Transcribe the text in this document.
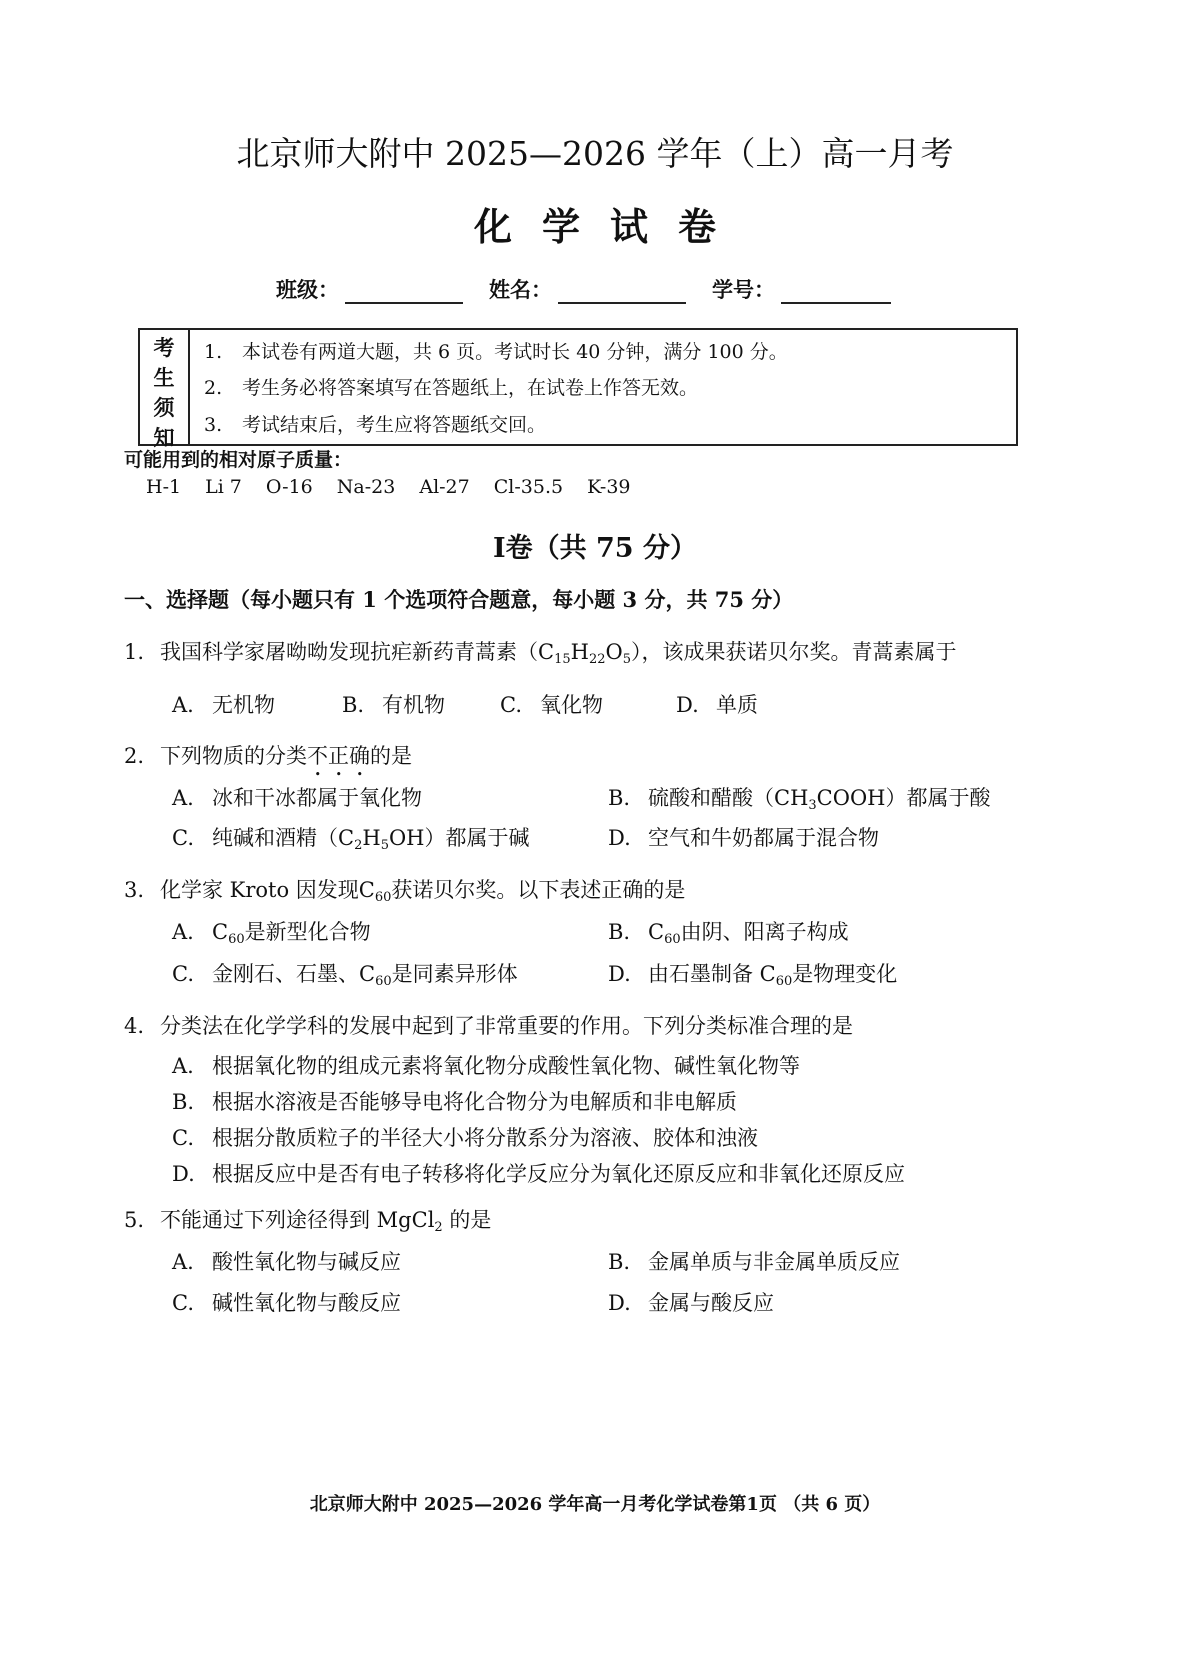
北京师大附中 2025—2026 学年（上）高一月考
化学试卷
班级：	姓名：	学号：
考
生
须
知
1. 本试卷有两道大题，共 6 页。考试时长 40 分钟，满分 100 分。
2. 考生务必将答案填写在答题纸上，在试卷上作答无效。
3. 考试结束后，考生应将答题纸交回。
可能用到的相对原子质量：
H-1 Li 7 O-16 Na-23 Al-27 Cl-35.5 K-39
I卷（共 75 分）
一、选择题（每小题只有 1 个选项符合题意，每小题 3 分，共 75 分）
1. 我国科学家屠呦呦发现抗疟新药青蒿素$(C_{15}H_{22}O_5)$，该成果获诺贝尔奖。青蒿素属于
A. 无机物	B. 有机物	C. 氧化物	D. 单质
2. 下列物质的分类不正确的是
A. 冰和干冰都属于氧化物	B. 硫酸和醋酸$(CH_3COOH)$都属于酸
C. 纯碱和酒精$(C_2H_5OH)$都属于碱	D. 空气和牛奶都属于混合物
3. 化学家 Kroto 因发现$C_{60}$获诺贝尔奖。以下表述正确的是
A. $C_{60}$是新型化合物	B. $C_{60}$由阴、阳离子构成
C. 金刚石、石墨、$C_{60}$是同素异形体	D. 由石墨制备 $C_{60}$是物理变化
4. 分类法在化学学科的发展中起到了非常重要的作用。下列分类标准合理的是
A. 根据氧化物的组成元素将氧化物分成酸性氧化物、碱性氧化物等
B. 根据水溶液是否能够导电将化合物分为电解质和非电解质
C. 根据分散质粒子的半径大小将分散系分为溶液、胶体和浊液
D. 根据反应中是否有电子转移将化学反应分为氧化还原反应和非氧化还原反应
5. 不能通过下列途径得到 MgCl$_2$ 的是
A. 酸性氧化物与碱反应	B. 金属单质与非金属单质反应
C. 碱性氧化物与酸反应	D. 金属与酸反应
北京师大附中 2025—2026 学年高一月考化学试卷第1页 （共 6 页）
